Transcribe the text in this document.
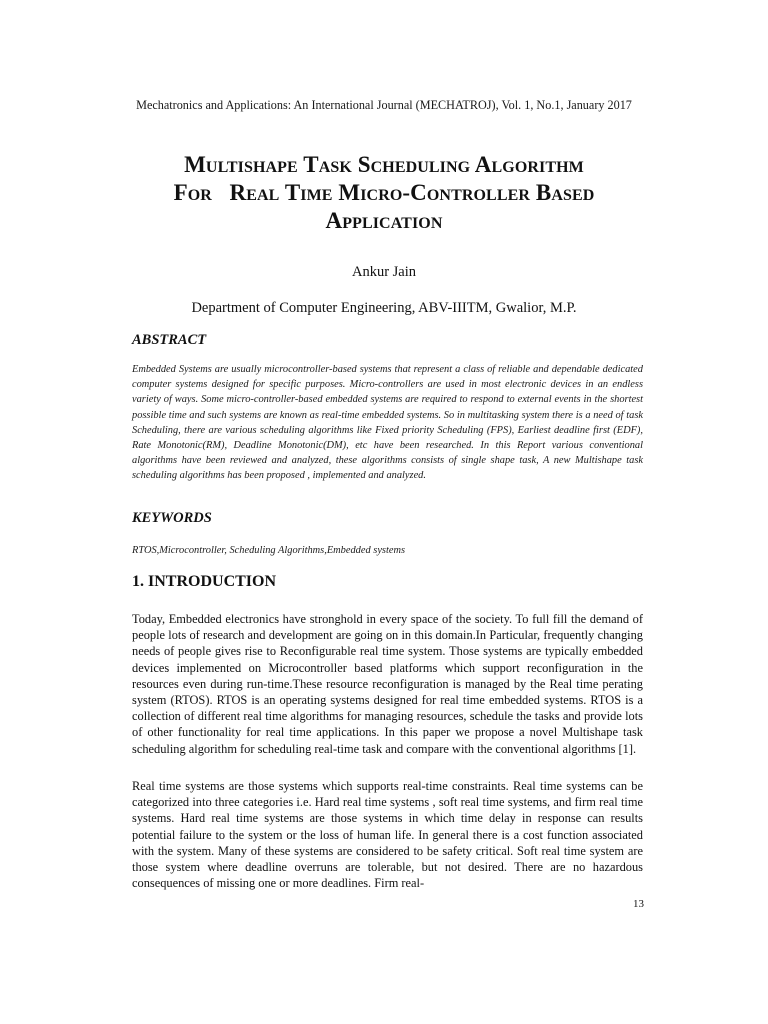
Mechatronics and Applications: An International Journal (MECHATROJ), Vol. 1, No.1, January 2017
Multishape Task Scheduling Algorithm
For   Real Time Micro-Controller Based
Application
Ankur Jain
Department of Computer Engineering, ABV-IIITM, Gwalior, M.P.
ABSTRACT
Embedded Systems are usually microcontroller-based systems that represent a class of reliable and dependable dedicated computer systems designed for specific purposes. Micro-controllers are used in most electronic devices in an endless variety of ways. Some micro-controller-based embedded systems are required to respond to external events in the shortest possible time and such systems are known as real-time embedded systems. So in multitasking system there is a need of task Scheduling, there are various scheduling algorithms like Fixed priority Scheduling (FPS), Earliest deadline first (EDF), Rate Monotonic(RM), Deadline Monotonic(DM), etc have been researched. In this Report various conventional algorithms have been reviewed and analyzed, these algorithms consists of single shape task, A new Multishape task scheduling algorithms has been proposed , implemented and analyzed.
KEYWORDS
RTOS,Microcontroller, Scheduling Algorithms,Embedded systems
1. INTRODUCTION
Today, Embedded electronics have stronghold in every space of the society. To full fill the demand of people lots of research and development are going on in this domain.In Particular, frequently changing needs of people gives rise to Reconfigurable real time system. Those systems are typically embedded devices implemented on Microcontroller based platforms which support reconfiguration in the resources even during run-time.These resource reconfiguration is managed by the Real time perating system (RTOS). RTOS is an operating systems designed for real time embedded systems. RTOS is a collection of different real time algorithms for managing resources, schedule the tasks and provide lots of other functionality for real time applications. In this paper we propose a novel Multishape task scheduling algorithm for scheduling real-time task and compare with the conventional algorithms [1].
Real time systems are those systems which supports real-time constraints. Real time systems can be categorized into three categories i.e. Hard real time systems , soft real time systems, and firm real time systems. Hard real time systems are those systems in which time delay in response can results potential failure to the system or the loss of human life. In general there is a cost function associated with the system. Many of these systems are considered to be safety critical. Soft real time system are those system where deadline overruns are tolerable, but not desired. There are no hazardous consequences of missing one or more deadlines. Firm real-
13
